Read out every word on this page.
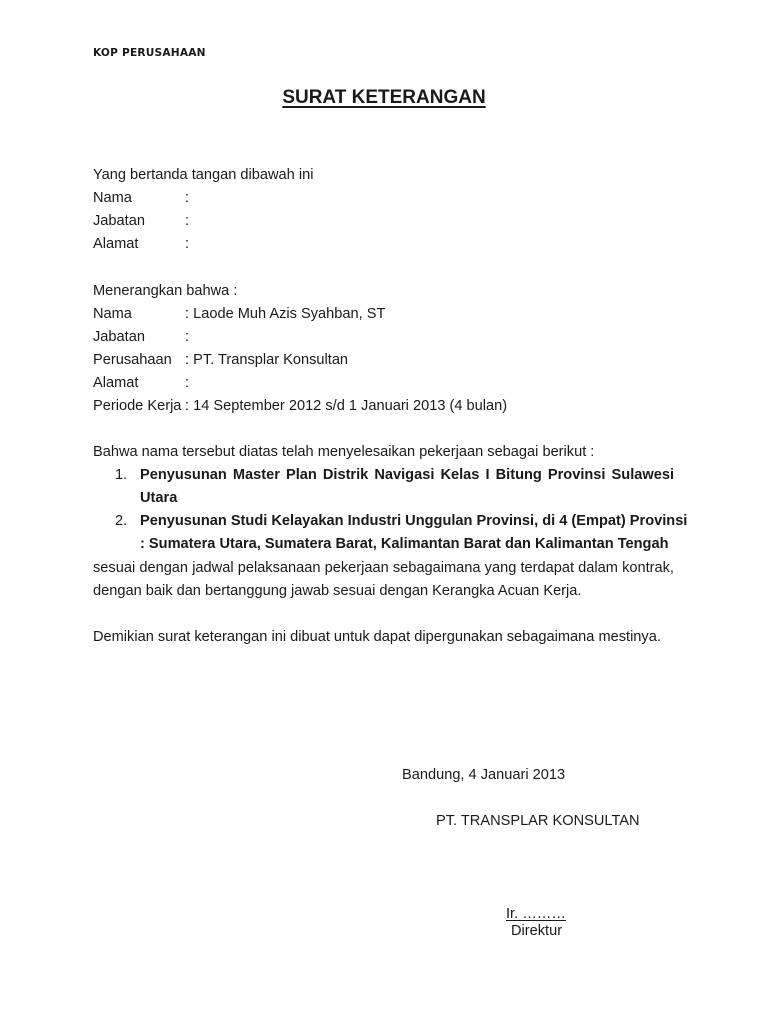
KOP PERUSAHAAN
SURAT KETERANGAN
Yang bertanda tangan dibawah ini
Nama	:
Jabatan	:
Alamat	:
Menerangkan bahwa :
Nama	: Laode Muh Azis Syahban, ST
Jabatan	:
Perusahaan : PT. Transplar Konsultan
Alamat	:
Periode Kerja : 14 September 2012 s/d 1 Januari 2013 (4 bulan)
Bahwa nama tersebut diatas telah menyelesaikan pekerjaan sebagai berikut :
1. Penyusunan Master Plan Distrik Navigasi Kelas I Bitung Provinsi Sulawesi
Utara
2. Penyusunan Studi Kelayakan Industri Unggulan Provinsi, di 4 (Empat) Provinsi
: Sumatera Utara, Sumatera Barat, Kalimantan Barat dan Kalimantan Tengah
sesuai dengan jadwal pelaksanaan pekerjaan sebagaimana yang terdapat dalam kontrak,
dengan baik dan bertanggung jawab sesuai dengan Kerangka Acuan Kerja.
Demikian surat keterangan ini dibuat untuk dapat dipergunakan sebagaimana mestinya.
Bandung, 4 Januari 2013
PT. TRANSPLAR KONSULTAN
Ir. ………
Direktur
